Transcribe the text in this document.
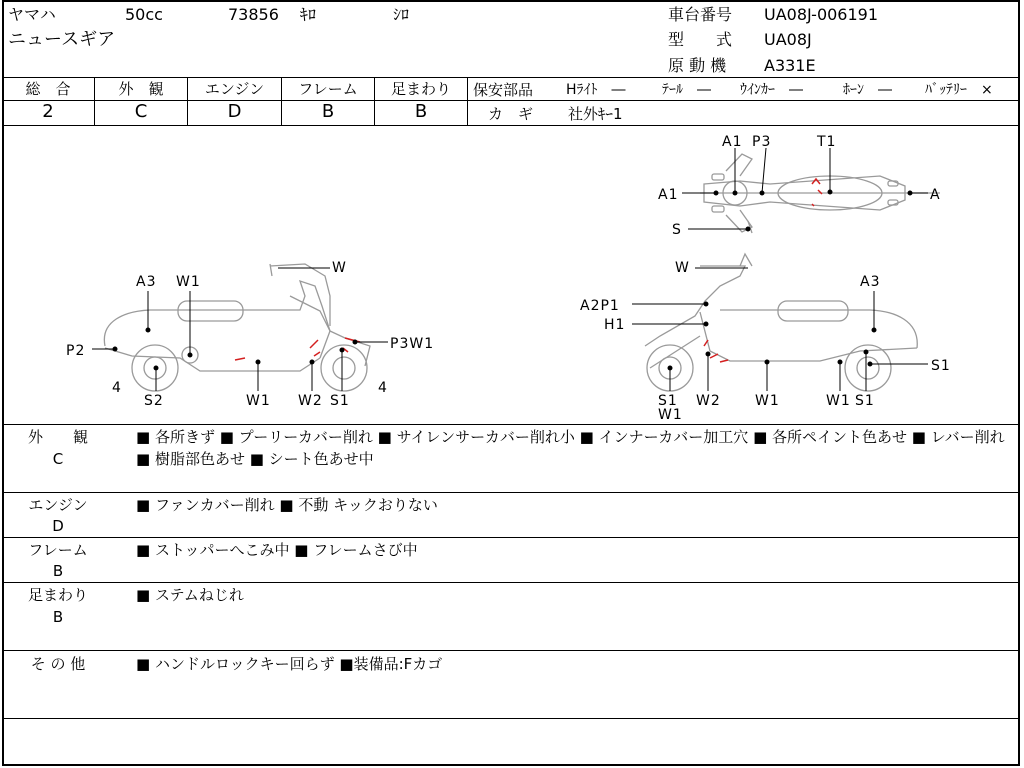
ヤマハ	50cc	73856 ｷﾛ	ｼﾛ
ニュースギア
車台番号 UA08J-006191
型　　式 UA08J
原 動 機 A331E
総　合
2
外　観
C
エンジン
D
フレーム
B
足まわり
B
保安部品 Hﾗｲﾄ　―	ﾃｰﾙ　― ｳｲﾝｶｰ　―	ﾎｰﾝ　― ﾊﾞｯﾃﾘｰ　×
カ　ギ 社外ｷｰ1
A1 P3	T1
A1	A
S
A3 W1
W
P2
4
S2	W1 W2 S1
4
P3W1
W
A3
A2P1
H1
S1
S1
W1
W2 W1	W1 S1
外　　観
C
■ 各所きず ■ プーリーカバー削れ ■ サイレンサーカバー削れ小 ■ インナーカバー加工穴 ■ 各所ペイント色あせ ■ レバー削れ ■ 樹脂部色あせ ■ シート色あせ中
エンジン
D
■ ファンカバー削れ ■ 不動 キックおりない
フレーム
B
■ ストッパーへこみ中 ■ フレームさび中
足まわり
B
■ ステムねじれ
そ の 他	■ ハンドルロックキー回らず ■装備品:Fカゴ
